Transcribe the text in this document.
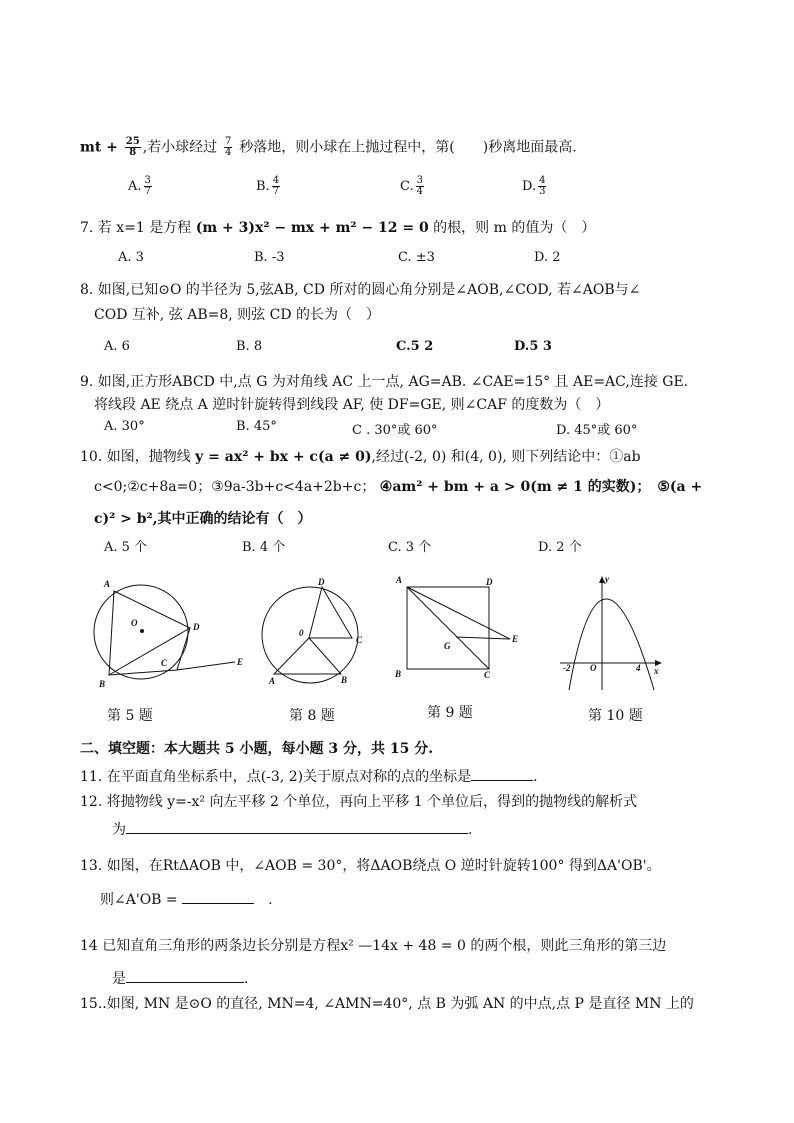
mt + $\frac{25}{8}$ ,若小球经过 $\frac{7}{4}$ 秒落地，则小球在上抛过程中，第(　　)秒离地面最高.
A. $\frac{3}{7}$	B. $\frac{4}{7}$	C. $\frac{3}{4}$	D. $\frac{4}{3}$
7. 若 x=1 是方程 (m + 3)x² − mx + m² − 12 = 0 的根，则 m 的值为（　）
A. 3	B. -3	C. ±3	D. 2
8. 如图,已知⊙O 的半径为 5,弦AB, CD 所对的圆心角分别是∠AOB,∠COD, 若∠AOB与∠
COD 互补, 弦 AB=8, 则弦 CD 的长为（　）
A. 6	B. 8	C.5 2	D.5 3
9. 如图,正方形ABCD 中,点 G 为对角线 AC 上一点, AG=AB. ∠CAE=15° 且 AE=AC,连接 GE.
将线段 AE 绕点 A 逆时针旋转得到线段 AF, 使 DF=GE, 则∠CAF 的度数为（　）
A. 30°	B. 45°	C . 30°或 60°	D. 45°或 60°
10. 如图，抛物线 y = ax² + bx + c(a ≠ 0),经过(-2, 0) 和(4, 0), 则下列结论中：①ab
c<0;②c+8a=0；③9a-3b+c<4a+2b+c； ④am² + bm + a > 0(m ≠ 1 的实数)；　 ⑤(a +
c)² > b²,其中正确的结论有（　）
A. 5 个	B. 4 个	C. 3 个	D. 2 个
A
O	D
B
C	E
D
0
C
A	B
A	D
E
G
B	C
y
-2 O	4 x
第 5 题	第 8 题	第 9 题	第 10 题
二、填空题：本大题共 5 小题，每小题 3 分，共 15 分.
11. 在平面直角坐标系中，点(-3, 2)关于原点对称的点的坐标是	.
12. 将抛物线 y=-x² 向左平移 2 个单位，再向上平移 1 个单位后，得到的抛物线的解析式
为	.
13. 如图，在RtΔAOB 中，∠AOB = 30°，将ΔAOB绕点 O 逆时针旋转100° 得到ΔA'OB'。
则∠A'OB = 　	.
14 已知直角三角形的两条边长分别是方程x² —14x + 48 = 0 的两个根，则此三角形的第三边
是	.
15..如图, MN 是⊙O 的直径, MN=4, ∠AMN=40°, 点 B 为弧 AN 的中点,点 P 是直径 MN 上的
